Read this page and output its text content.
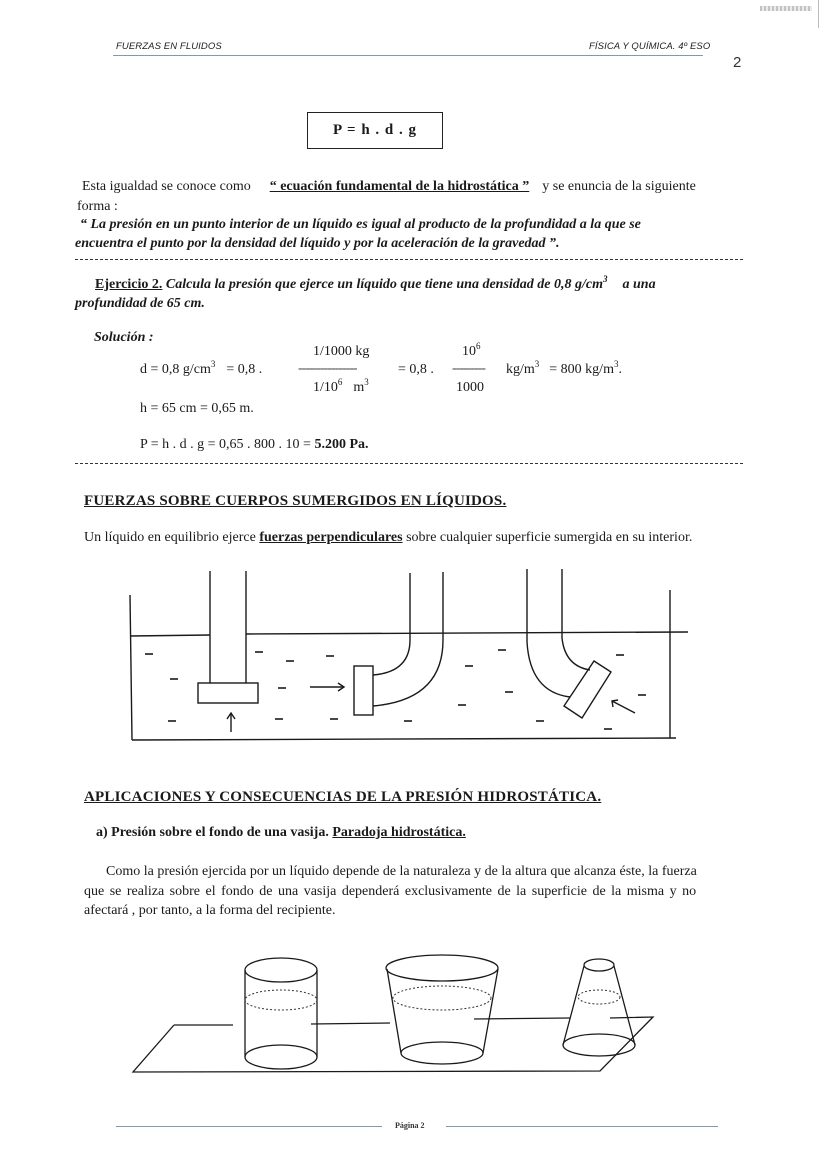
FUERZAS EN FLUIDOS	FÍSICA Y QUÍMICA. 4º ESO
2
P = h . d . g
Esta igualdad se conoce como “ ecuación fundamental de la hidrostática ” y se enuncia de la siguiente
forma :
“ La presión en un punto interior de un líquido es igual al producto de la profundidad a la que se
encuentra el punto por la densidad del líquido y por la aceleración de la gravedad ”.
Ejercicio 2. Calcula la presión que ejerce un líquido que tiene una densidad de 0,8 $g/cm^3$ a una
profundidad de 65 cm.
Solución :
d = 0,8 $g/cm^3 = 0,8$ .
1/1000 kg
----------------
$1/10^6$ $m^3$
= 0,8 .
$10^6$
---------
1000
$kg/m^3 = 800$ $kg/m^3$.
h = 65 cm = 0,65 m.
P = h . d . g = 0,65 . 800 . 10 = 5.200 Pa.
FUERZAS SOBRE CUERPOS SUMERGIDOS EN LÍQUIDOS.
Un líquido en equilibrio ejerce fuerzas perpendiculares sobre cualquier superficie sumergida en su interior.
APLICACIONES Y CONSECUENCIAS DE LA PRESIÓN HIDROSTÁTICA.
a) Presión sobre el fondo de una vasija. Paradoja hidrostática.
Como la presión ejercida por un líquido depende de la naturaleza y de la altura que alcanza éste, la fuerza
que se realiza sobre el fondo de una vasija dependerá exclusivamente de la superficie de la misma y no
afectará , por tanto, a la forma del recipiente.
Página 2
